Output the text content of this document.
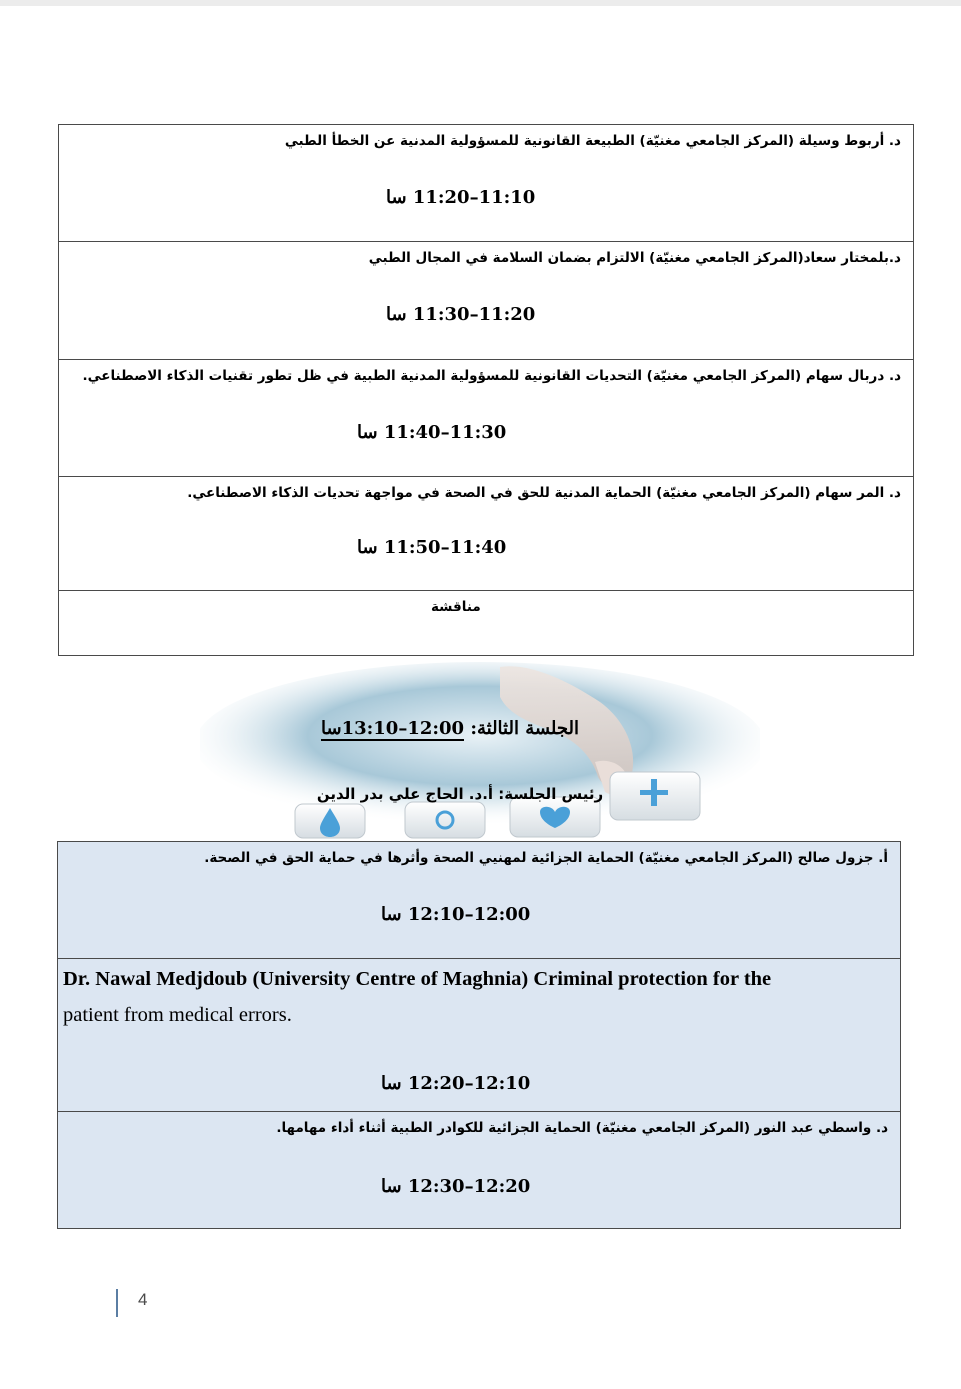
د. أربوط وسيلة (المركز الجامعي مغنيّة) الطبيعة القانونية للمسؤولية المدنية عن الخطأ الطبي
11:10–11:20 سا

د.بلمختار سعاد(المركز الجامعي مغنيّة) الالتزام بضمان السلامة في المجال الطبي
11:20–11:30 سا

د. دربال سهام (المركز الجامعي مغنيّة) التحديات القانونية للمسؤولية المدنية الطبية في ظل تطور تقنيات الذكاء الاصطناعي.
11:30–11:40 سا

د. المر سهام (المركز الجامعي مغنيّة) الحماية المدنية للحق في الصحة في مواجهة تحديات الذكاء الاصطناعي.
11:40–11:50 سا

مناقشة
الجلسة الثالثة: 12:00–13:10سا
رئيس الجلسة: أ.د. الحاج علي بدر الدين
أ. جزول صالح (المركز الجامعي مغنيّة) الحماية الجزائية لمهنيي الصحة وأثرها في حماية الحق في الصحة.
12:00–12:10 سا

Dr. Nawal Medjdoub (University Centre of Maghnia) Criminal protection for the
patient from medical errors.
12:10–12:20 سا

د. واسطي عبد النور (المركز الجامعي مغنيّة) الحماية الجزائية للكوادر الطبية أثناء أداء مهامها.
12:20–12:30 سا
4
